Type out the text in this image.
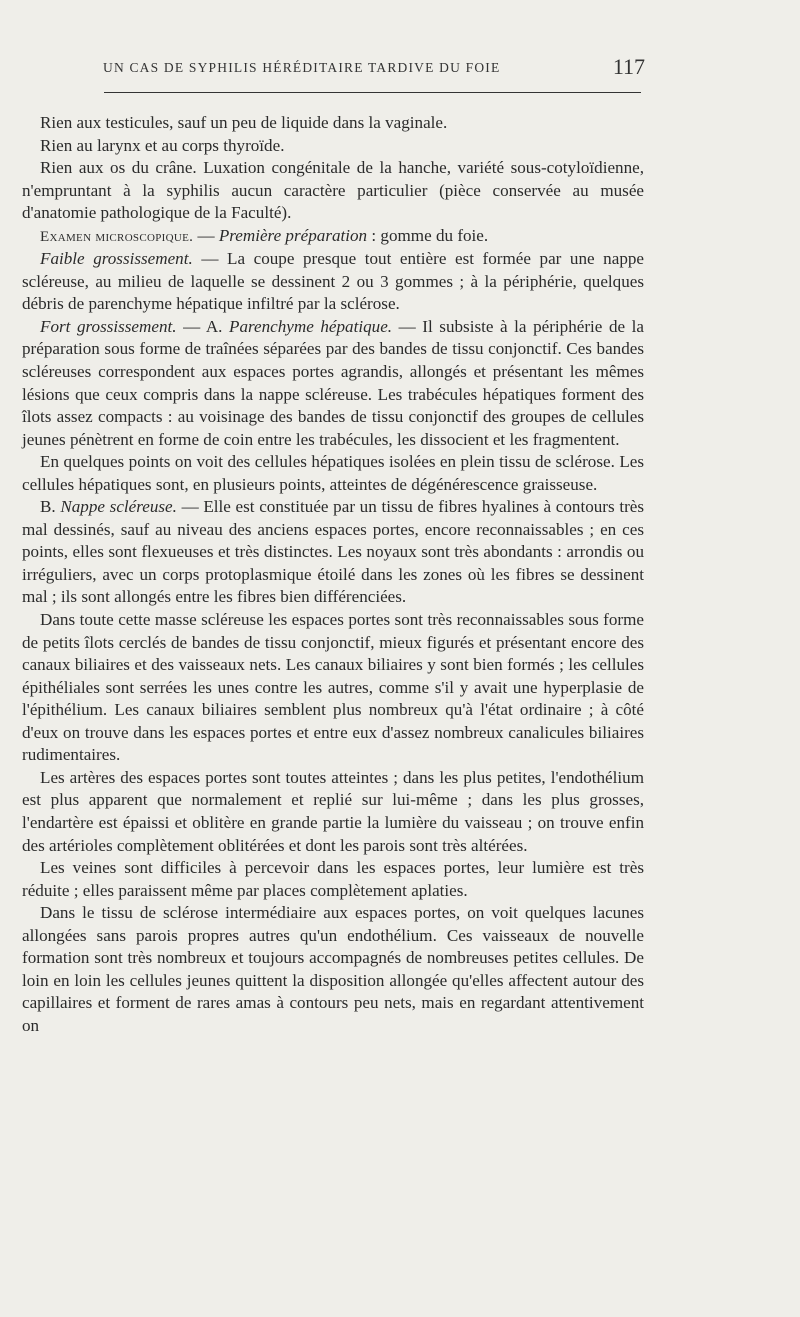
UN CAS DE SYPHILIS HÉRÉDITAIRE TARDIVE DU FOIE	117

Rien aux testicules, sauf un peu de liquide dans la vaginale.

Rien au larynx et au corps thyroïde.

Rien aux os du crâne. Luxation congénitale de la hanche, variété sous-cotyloïdienne, n'empruntant à la syphilis aucun caractère particulier (pièce conservée au musée d'anatomie pathologique de la Faculté).

Examen microscopique. — Première préparation : gomme du foie.

Faible grossissement. — La coupe presque tout entière est formée par une nappe scléreuse, au milieu de laquelle se dessinent 2 ou 3 gommes ; à la périphérie, quelques débris de parenchyme hépatique infiltré par la sclérose.

Fort grossissement. — A. Parenchyme hépatique. — Il subsiste à la périphérie de la préparation sous forme de traînées séparées par des bandes de tissu conjonctif. Ces bandes scléreuses correspondent aux espaces portes agrandis, allongés et présentant les mêmes lésions que ceux compris dans la nappe scléreuse. Les trabécules hépatiques forment des îlots assez compacts : au voisinage des bandes de tissu conjonctif des groupes de cellules jeunes pénètrent en forme de coin entre les trabécules, les dissocient et les fragmentent.

En quelques points on voit des cellules hépatiques isolées en plein tissu de sclérose. Les cellules hépatiques sont, en plusieurs points, atteintes de dégénérescence graisseuse.

B. Nappe scléreuse. — Elle est constituée par un tissu de fibres hyalines à contours très mal dessinés, sauf au niveau des anciens espaces portes, encore reconnaissables ; en ces points, elles sont flexueuses et très distinctes. Les noyaux sont très abondants : arrondis ou irréguliers, avec un corps protoplasmique étoilé dans les zones où les fibres se dessinent mal ; ils sont allongés entre les fibres bien différenciées.

Dans toute cette masse scléreuse les espaces portes sont très reconnaissables sous forme de petits îlots cerclés de bandes de tissu conjonctif, mieux figurés et présentant encore des canaux biliaires et des vaisseaux nets. Les canaux biliaires y sont bien formés ; les cellules épithéliales sont serrées les unes contre les autres, comme s'il y avait une hyperplasie de l'épithélium. Les canaux biliaires semblent plus nombreux qu'à l'état ordinaire ; à côté d'eux on trouve dans les espaces portes et entre eux d'assez nombreux canalicules biliaires rudimentaires.

Les artères des espaces portes sont toutes atteintes ; dans les plus petites, l'endothélium est plus apparent que normalement et replié sur lui-même ; dans les plus grosses, l'endartère est épaissi et oblitère en grande partie la lumière du vaisseau ; on trouve enfin des artérioles complètement oblitérées et dont les parois sont très altérées.

Les veines sont difficiles à percevoir dans les espaces portes, leur lumière est très réduite ; elles paraissent même par places complètement aplaties.

Dans le tissu de sclérose intermédiaire aux espaces portes, on voit quelques lacunes allongées sans parois propres autres qu'un endothélium. Ces vaisseaux de nouvelle formation sont très nombreux et toujours accompagnés de nombreuses petites cellules. De loin en loin les cellules jeunes quittent la disposition allongée qu'elles affectent autour des capillaires et forment de rares amas à contours peu nets, mais en regardant attentivement on
